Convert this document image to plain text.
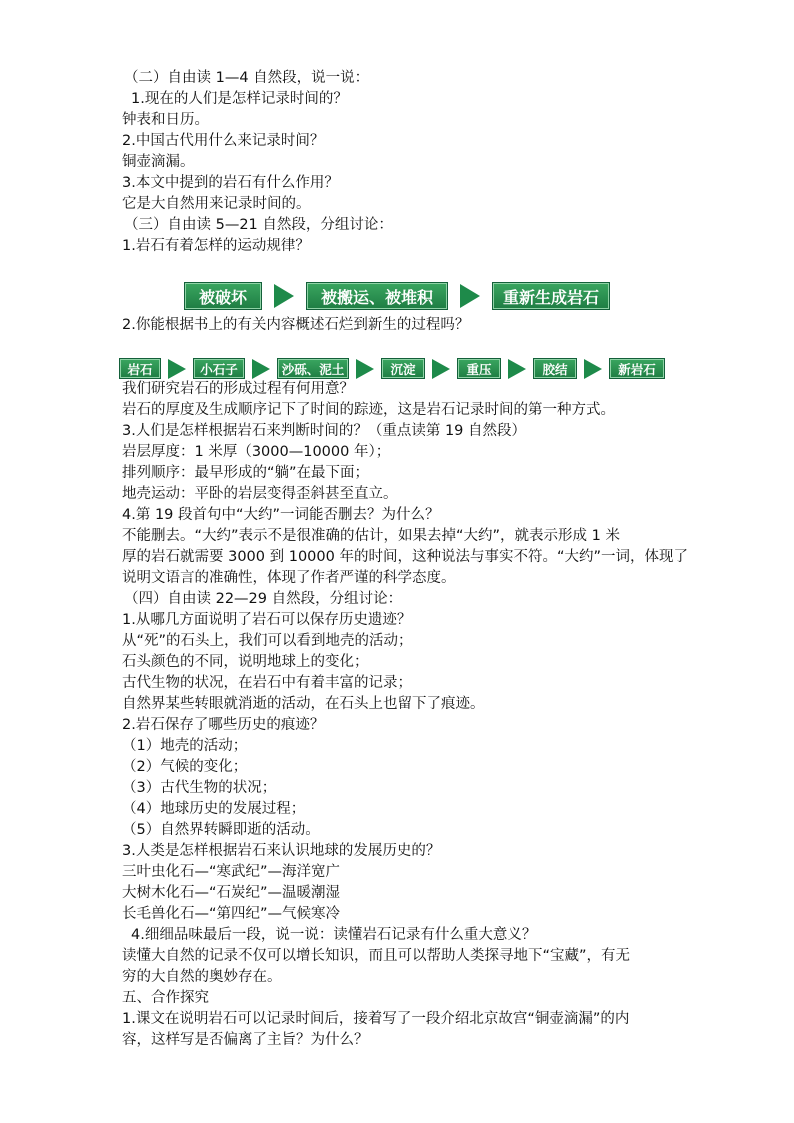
（二）自由读 1—4 自然段，说一说：
1.现在的人们是怎样记录时间的？
钟表和日历。
2.中国古代用什么来记录时间？
铜壶滴漏。
3.本文中提到的岩石有什么作用？
它是大自然用来记录时间的。
（三）自由读 5—21 自然段，分组讨论：
1.岩石有着怎样的运动规律？
2.你能根据书上的有关内容概述石烂到新生的过程吗？
我们研究岩石的形成过程有何用意？
岩石的厚度及生成顺序记下了时间的踪迹，这是岩石记录时间的第一种方式。
3.人们是怎样根据岩石来判断时间的？（重点读第 19 自然段）
岩层厚度：1 米厚（3000—10000 年）；
排列顺序：最早形成的“躺”在最下面；
地壳运动：平卧的岩层变得歪斜甚至直立。
4.第 19 段首句中“大约”一词能否删去？为什么？
不能删去。“大约”表示不是很准确的估计，如果去掉“大约”，就表示形成 1 米
厚的岩石就需要 3000 到 10000 年的时间，这种说法与事实不符。“大约”一词，体现了
说明文语言的准确性，体现了作者严谨的科学态度。
（四）自由读 22—29 自然段，分组讨论：
1.从哪几方面说明了岩石可以保存历史遗迹？
从“死”的石头上，我们可以看到地壳的活动；
石头颜色的不同，说明地球上的变化；
古代生物的状况，在岩石中有着丰富的记录；
自然界某些转眼就消逝的活动，在石头上也留下了痕迹。
2.岩石保存了哪些历史的痕迹？
（1）地壳的活动；
（2）气候的变化；
（3）古代生物的状况；
（4）地球历史的发展过程；
（5）自然界转瞬即逝的活动。
3.人类是怎样根据岩石来认识地球的发展历史的？
三叶虫化石—“寒武纪”—海洋宽广
大树木化石—“石炭纪”—温暖潮湿
长毛兽化石—“第四纪”—气候寒冷
4.细细品味最后一段，说一说：读懂岩石记录有什么重大意义？
读懂大自然的记录不仅可以增长知识，而且可以帮助人类探寻地下“宝藏”，有无
穷的大自然的奥妙存在。
五、合作探究
1.课文在说明岩石可以记录时间后，接着写了一段介绍北京故宫“铜壶滴漏”的内
容，这样写是否偏离了主旨？为什么？
被破坏	被搬运、被堆积	重新生成岩石
岩石	小石子	沙砾、泥土	沉淀	重压	胶结	新岩石
